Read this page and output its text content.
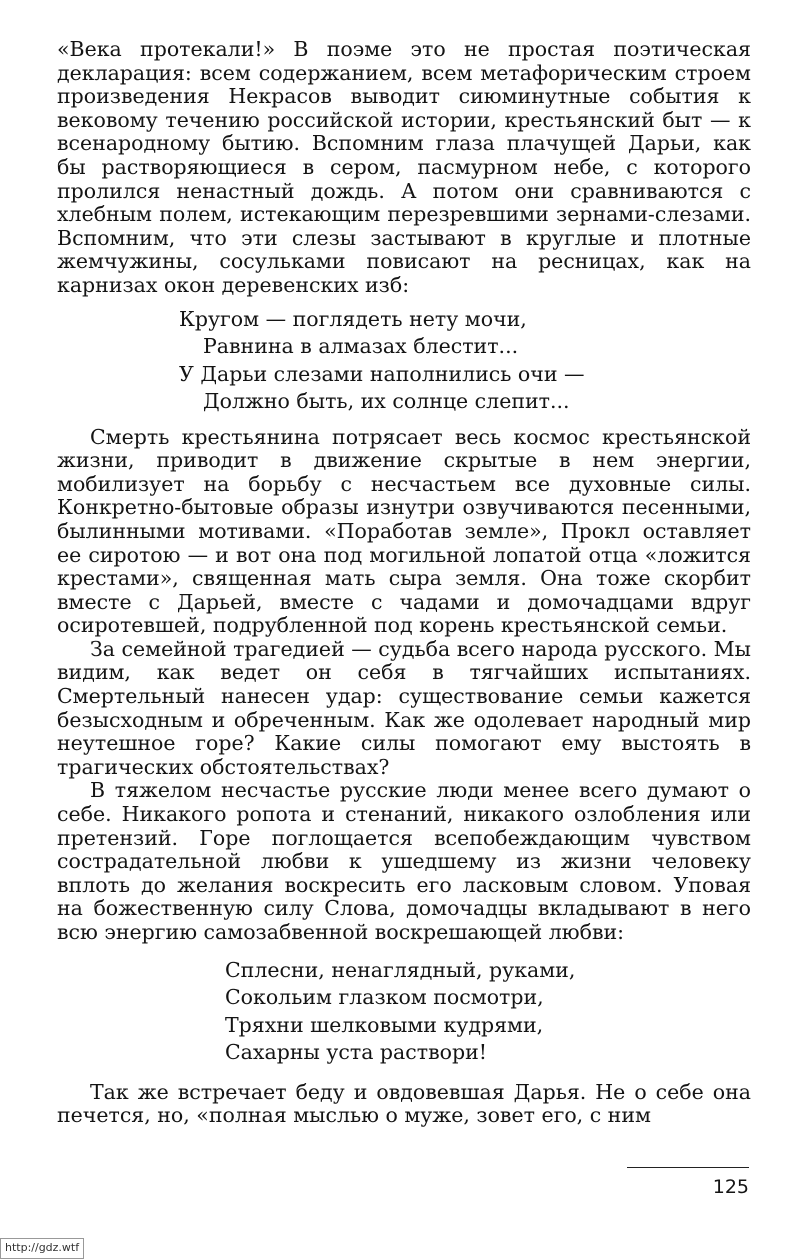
«Века протекали!» В поэме это не простая поэтическая декларация: всем содержанием, всем метафорическим строем произведения Некрасов выводит сиюминутные события к вековому течению российской истории, крестьянский быт — к всенародному бытию. Вспомним глаза плачущей Дарьи, как бы растворяющиеся в сером, пасмурном небе, с которого пролился ненастный дождь. А потом они сравниваются с хлебным полем, истекающим перезревшими зернами-слезами. Вспомним, что эти слезы застывают в круглые и плотные жемчужины, сосульками повисают на ресницах, как на карнизах окон деревенских изб:

Кругом — поглядеть нету мочи,
Равнина в алмазах блестит...
У Дарьи слезами наполнились очи —
Должно быть, их солнце слепит...

Смерть крестьянина потрясает весь космос крестьянской жизни, приводит в движение скрытые в нем энергии, мобилизует на борьбу с несчастьем все духовные силы. Конкретно-бытовые образы изнутри озвучиваются песенными, былинными мотивами. «Поработав земле», Прокл оставляет ее сиротою — и вот она под могильной лопатой отца «ложится крестами», священная мать сыра земля. Она тоже скорбит вместе с Дарьей, вместе с чадами и домочадцами вдруг осиротевшей, подрубленной под корень крестьянской семьи.

За семейной трагедией — судьба всего народа русского. Мы видим, как ведет он себя в тягчайших испытаниях. Смертельный нанесен удар: существование семьи кажется безысходным и обреченным. Как же одолевает народный мир неутешное горе? Какие силы помогают ему выстоять в трагических обстоятельствах?

В тяжелом несчастье русские люди менее всего думают о себе. Никакого ропота и стенаний, никакого озлобления или претензий. Горе поглощается всепобеждающим чувством сострадательной любви к ушедшему из жизни человеку вплоть до желания воскресить его ласковым словом. Уповая на божественную силу Слова, домочадцы вкладывают в него всю энергию самозабвенной воскрешающей любви:

Сплесни, ненаглядный, руками,
Сокольим глазком посмотри,
Тряхни шелковыми кудрями,
Сахарны уста раствори!

Так же встречает беду и овдовевшая Дарья. Не о себе она печется, но, «полная мыслью о муже, зовет его, с ним

125
http://gdz.wtf
